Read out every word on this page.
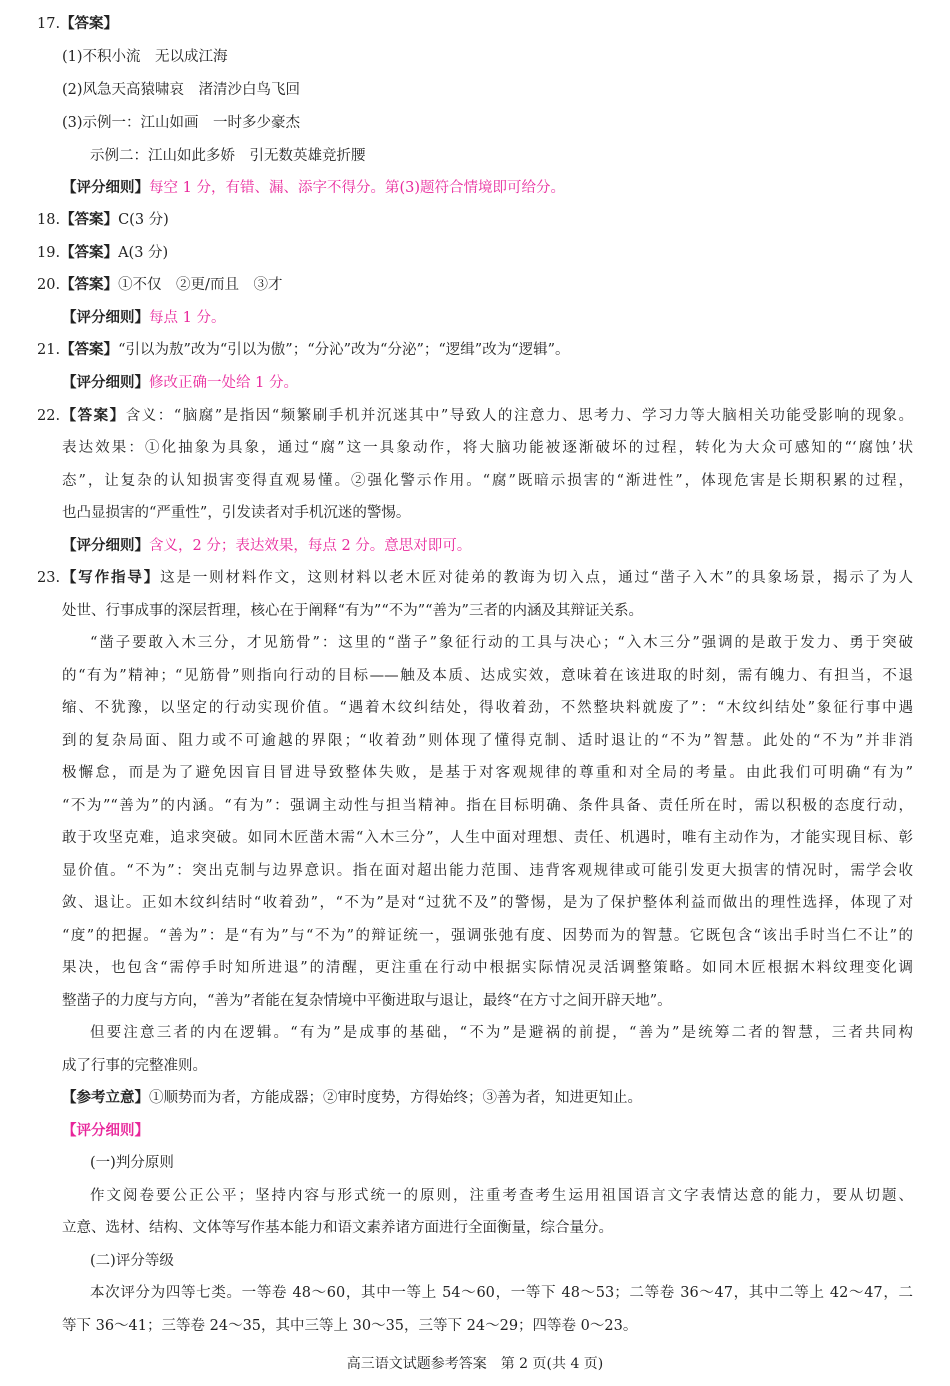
17.【答案】
(1)不积小流　无以成江海
(2)风急天高猿啸哀　渚清沙白鸟飞回
(3)示例一：江山如画　一时多少豪杰
示例二：江山如此多娇　引无数英雄竞折腰
【评分细则】每空 1 分，有错、漏、添字不得分。第(3)题符合情境即可给分。
18.【答案】C(3 分)
19.【答案】A(3 分)
20.【答案】①不仅　②更/而且　③才
【评分细则】每点 1 分。
21.【答案】“引以为敖”改为“引以为傲”；“分沁”改为“分泌”；“逻缉”改为“逻辑”。
【评分细则】修改正确一处给 1 分。
22.【答案】含义：“脑腐”是指因“频繁刷手机并沉迷其中”导致人的注意力、思考力、学习力等大脑相关功能受影响的现象。
表达效果：①化抽象为具象，通过“腐”这一具象动作，将大脑功能被逐渐破坏的过程，转化为大众可感知的“‘腐蚀’状
态”，让复杂的认知损害变得直观易懂。②强化警示作用。“腐”既暗示损害的“渐进性”，体现危害是长期积累的过程，
也凸显损害的“严重性”，引发读者对手机沉迷的警惕。
【评分细则】含义，2 分；表达效果，每点 2 分。意思对即可。
23.【写作指导】这是一则材料作文，这则材料以老木匠对徒弟的教诲为切入点，通过“凿子入木”的具象场景，揭示了为人
处世、行事成事的深层哲理，核心在于阐释“有为”“不为”“善为”三者的内涵及其辩证关系。
“凿子要敢入木三分，才见筋骨”：这里的“凿子”象征行动的工具与决心；“入木三分”强调的是敢于发力、勇于突破
的“有为”精神；“见筋骨”则指向行动的目标——触及本质、达成实效，意味着在该进取的时刻，需有魄力、有担当，不退
缩、不犹豫，以坚定的行动实现价值。“遇着木纹纠结处，得收着劲，不然整块料就废了”：“木纹纠结处”象征行事中遇
到的复杂局面、阻力或不可逾越的界限；“收着劲”则体现了懂得克制、适时退让的“不为”智慧。此处的“不为”并非消
极懈怠，而是为了避免因盲目冒进导致整体失败，是基于对客观规律的尊重和对全局的考量。由此我们可明确“有为”
“不为”“善为”的内涵。“有为”：强调主动性与担当精神。指在目标明确、条件具备、责任所在时，需以积极的态度行动，
敢于攻坚克难，追求突破。如同木匠凿木需“入木三分”，人生中面对理想、责任、机遇时，唯有主动作为，才能实现目标、彰
显价值。“不为”：突出克制与边界意识。指在面对超出能力范围、违背客观规律或可能引发更大损害的情况时，需学会收
敛、退让。正如木纹纠结时“收着劲”，“不为”是对“过犹不及”的警惕，是为了保护整体利益而做出的理性选择，体现了对
“度”的把握。“善为”：是“有为”与“不为”的辩证统一，强调张弛有度、因势而为的智慧。它既包含“该出手时当仁不让”的
果决，也包含“需停手时知所进退”的清醒，更注重在行动中根据实际情况灵活调整策略。如同木匠根据木料纹理变化调
整凿子的力度与方向，“善为”者能在复杂情境中平衡进取与退让，最终“在方寸之间开辟天地”。
但要注意三者的内在逻辑。“有为”是成事的基础，“不为”是避祸的前提，“善为”是统筹二者的智慧，三者共同构
成了行事的完整准则。
【参考立意】①顺势而为者，方能成器；②审时度势，方得始终；③善为者，知进更知止。
【评分细则】
(一)判分原则
作文阅卷要公正公平；坚持内容与形式统一的原则，注重考查考生运用祖国语言文字表情达意的能力，要从切题、
立意、选材、结构、文体等写作基本能力和语文素养诸方面进行全面衡量，综合量分。
(二)评分等级
本次评分为四等七类。一等卷 48～60，其中一等上 54～60，一等下 48～53；二等卷 36～47，其中二等上 42～47，二
等下 36～41；三等卷 24～35，其中三等上 30～35，三等下 24～29；四等卷 0～23。
高三语文试题参考答案　第 2 页(共 4 页)
